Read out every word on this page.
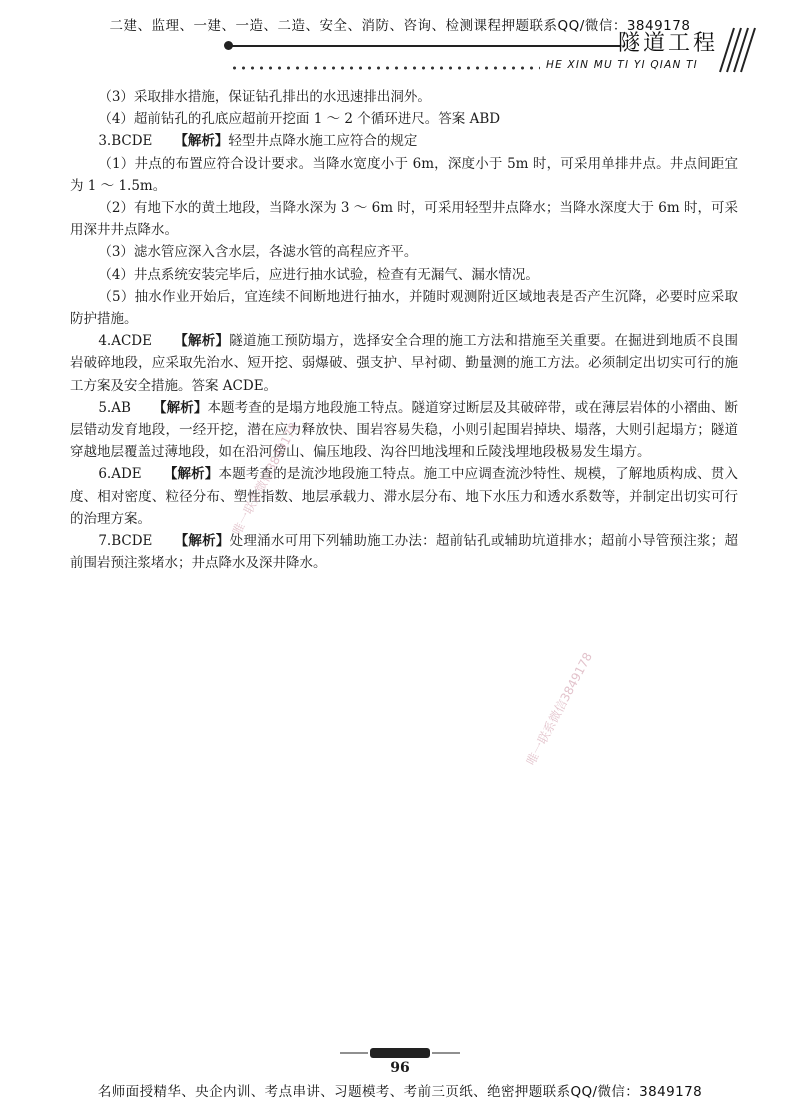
二建、监理、一建、一造、二造、安全、消防、咨询、检测课程押题联系QQ/微信：3849178
隧道工程
HE XIN MU TI YI QIAN TI

（3）采取排水措施，保证钻孔排出的水迅速排出洞外。

（4）超前钻孔的孔底应超前开挖面 1 ～ 2 个循环进尺。答案 ABD

3.BCDE 【解析】轻型井点降水施工应符合的规定

（1）井点的布置应符合设计要求。当降水宽度小于 6m，深度小于 5m 时，可采用单排井点。井点间距宜为 1 ～ 1.5m。

（2）有地下水的黄土地段，当降水深为 3 ～ 6m 时，可采用轻型井点降水；当降水深度大于 6m 时，可采用深井井点降水。

（3）滤水管应深入含水层，各滤水管的高程应齐平。

（4）井点系统安装完毕后，应进行抽水试验，检查有无漏气、漏水情况。

（5）抽水作业开始后，宜连续不间断地进行抽水，并随时观测附近区域地表是否产生沉降，必要时应采取防护措施。

4.ACDE 【解析】隧道施工预防塌方，选择安全合理的施工方法和措施至关重要。在掘进到地质不良围岩破碎地段，应采取先治水、短开挖、弱爆破、强支护、早衬砌、勤量测的施工方法。必须制定出切实可行的施工方案及安全措施。答案 ACDE。

5.AB 【解析】本题考查的是塌方地段施工特点。隧道穿过断层及其破碎带，或在薄层岩体的小褶曲、断层错动发育地段，一经开挖，潜在应力释放快、围岩容易失稳，小则引起围岩掉块、塌落，大则引起塌方；隧道穿越地层覆盖过薄地段，如在沿河傍山、偏压地段、沟谷凹地浅埋和丘陵浅埋地段极易发生塌方。

6.ADE 【解析】本题考查的是流沙地段施工特点。施工中应调查流沙特性、规模，了解地质构成、贯入度、相对密度、粒径分布、塑性指数、地层承载力、滞水层分布、地下水压力和透水系数等，并制定出切实可行的治理方案。

7.BCDE 【解析】处理涌水可用下列辅助施工办法：超前钻孔或辅助坑道排水；超前小导管预注浆；超前围岩预注浆堵水；井点降水及深井降水。

唯一联系微信3849178
唯一联系微信3849178
96
名师面授精华、央企内训、考点串讲、习题模考、考前三页纸、绝密押题联系QQ/微信：3849178
